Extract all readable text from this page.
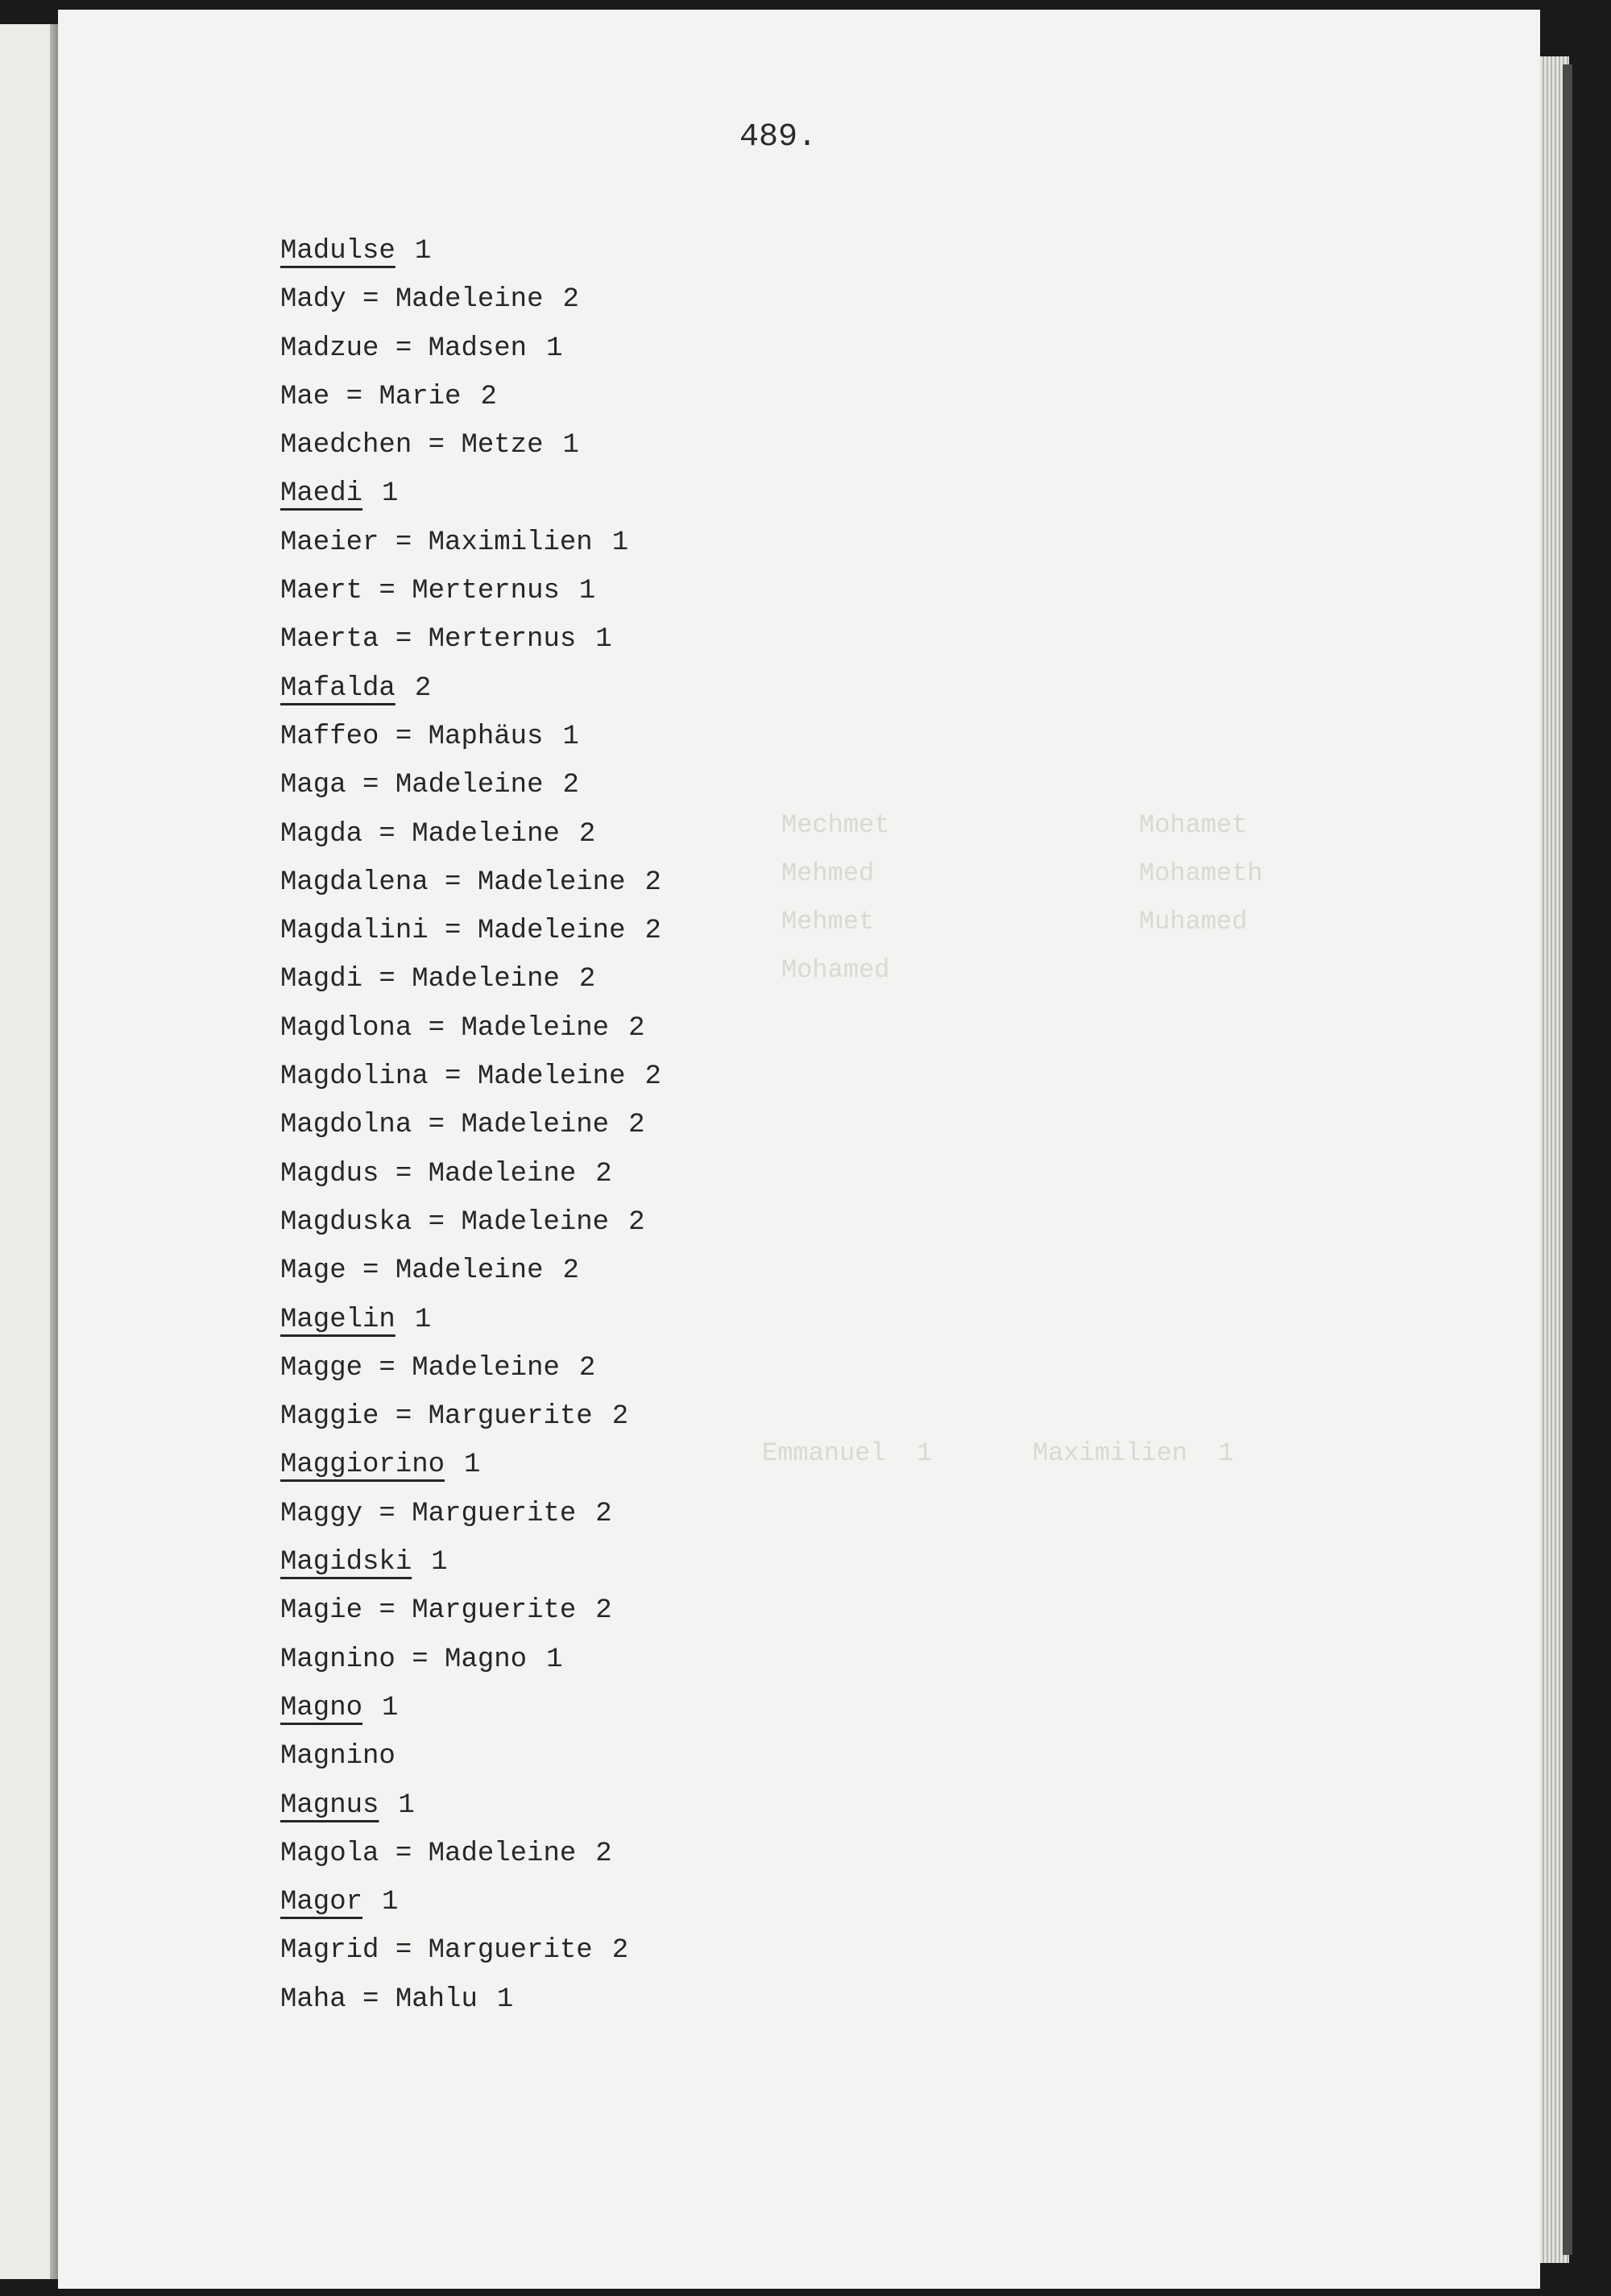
Mechmet

Mehmed

Mehmet

Mohamed

Mohamet

Mohameth

Muhamed

Emmanuel  1	Maximilien  1

489.
Madulse 1
Mady = Madeleine 2
Madzue = Madsen 1
Mae = Marie 2
Maedchen = Metze 1
Maedi 1
Maeier = Maximilien 1
Maert = Merternus 1
Maerta = Merternus 1
Mafalda 2
Maffeo = Maphäus 1
Maga = Madeleine 2
Magda = Madeleine 2
Magdalena = Madeleine 2
Magdalini = Madeleine 2
Magdi = Madeleine 2
Magdlona = Madeleine 2
Magdolina = Madeleine 2
Magdolna = Madeleine 2
Magdus = Madeleine 2
Magduska = Madeleine 2
Mage = Madeleine 2
Magelin 1
Magge = Madeleine 2
Maggie = Marguerite 2
Maggiorino 1
Maggy = Marguerite 2
Magidski 1
Magie = Marguerite 2
Magnino = Magno 1
Magno 1
Magnino
Magnus 1
Magola = Madeleine 2
Magor 1
Magrid = Marguerite 2
Maha = Mahlu 1
